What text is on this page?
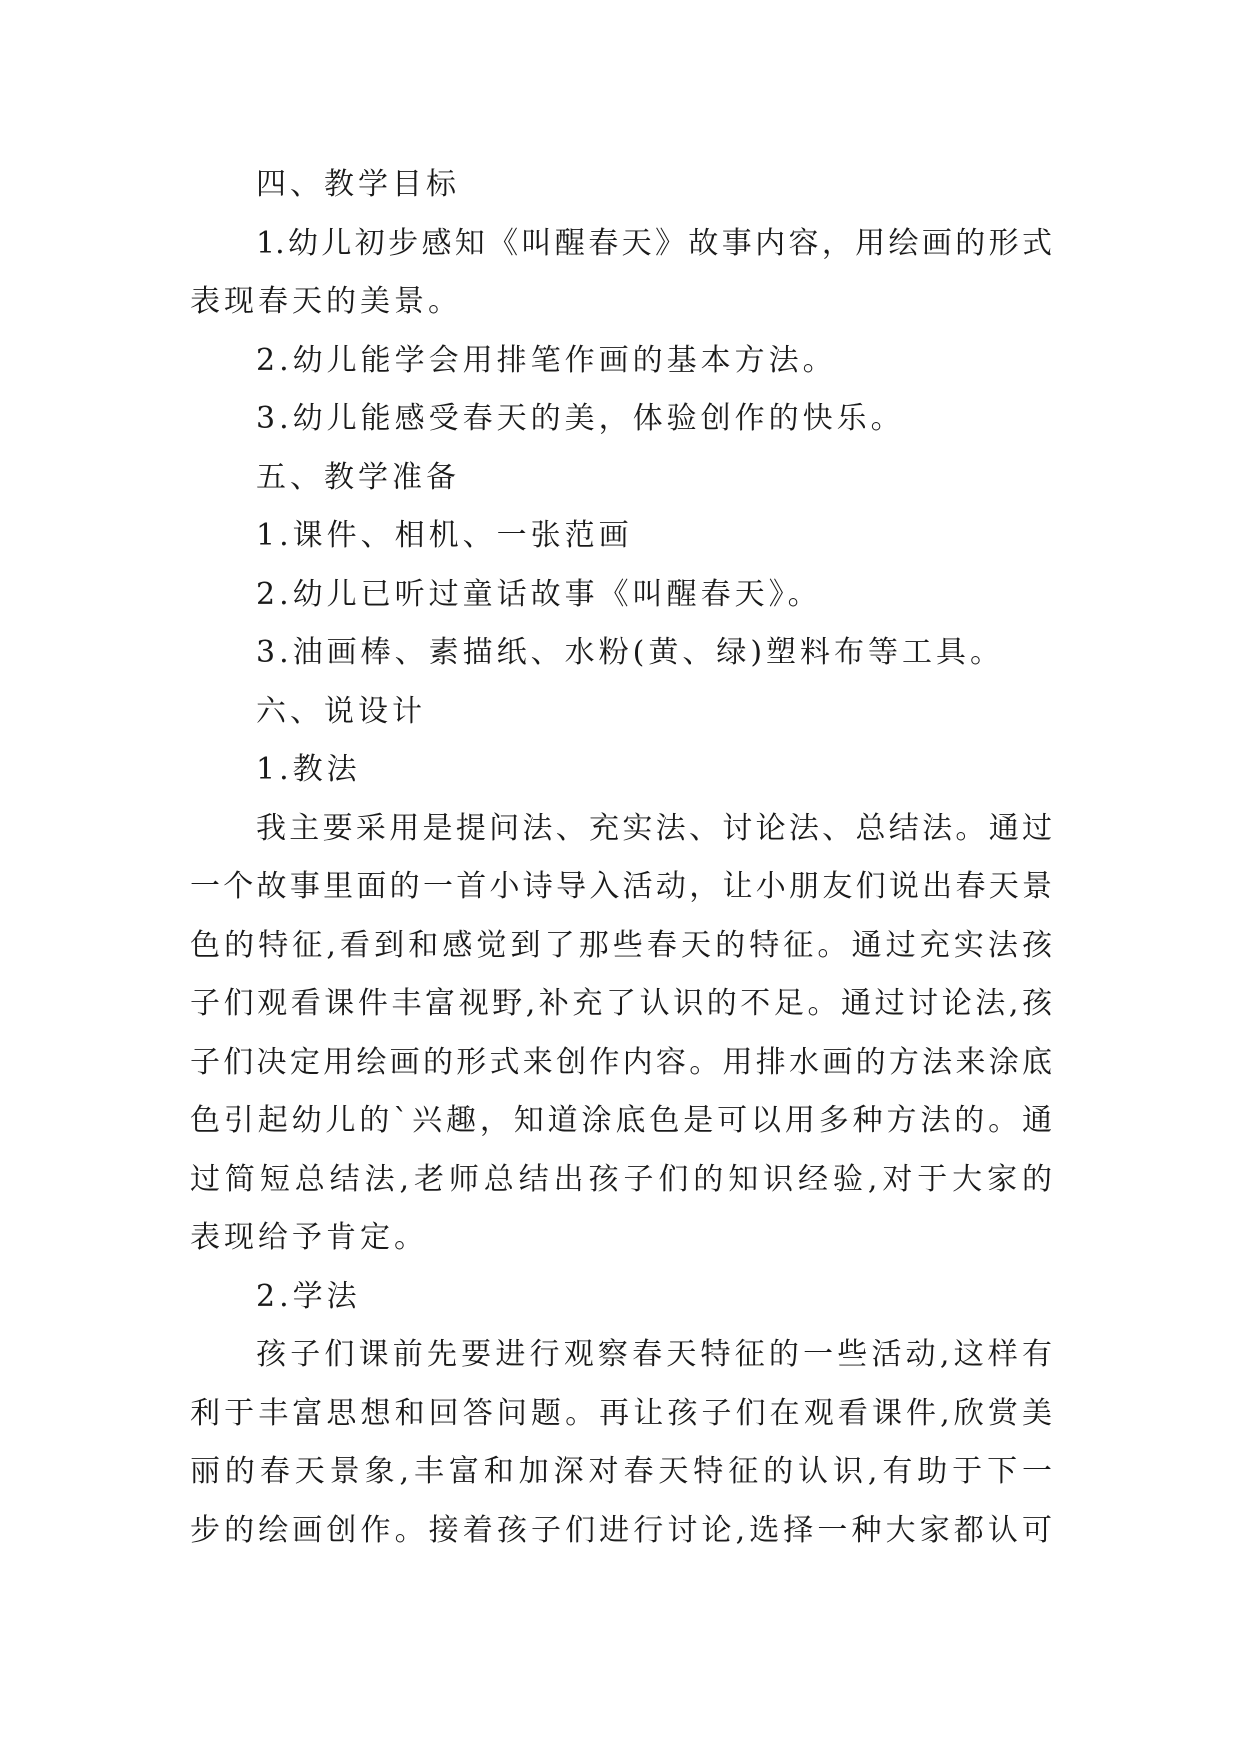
四、教学目标

1.幼儿初步感知《叫醒春天》故事内容，用绘画的形式

表现春天的美景。

2.幼儿能学会用排笔作画的基本方法。

3.幼儿能感受春天的美，体验创作的快乐。

五、教学准备

1.课件、相机、一张范画

2.幼儿已听过童话故事《叫醒春天》。

3.油画棒、素描纸、水粉(黄、绿)塑料布等工具。

六、说设计

1.教法

我主要采用是提问法、充实法、讨论法、总结法。通过

一个故事里面的一首小诗导入活动，让小朋友们说出春天景

色的特征,看到和感觉到了那些春天的特征。通过充实法孩

子们观看课件丰富视野,补充了认识的不足。通过讨论法,孩

子们决定用绘画的形式来创作内容。用排水画的方法来涂底

色引起幼儿的`兴趣，知道涂底色是可以用多种方法的。通

过简短总结法,老师总结出孩子们的知识经验,对于大家的

表现给予肯定。

2.学法

孩子们课前先要进行观察春天特征的一些活动,这样有

利于丰富思想和回答问题。再让孩子们在观看课件,欣赏美

丽的春天景象,丰富和加深对春天特征的认识,有助于下一

步的绘画创作。接着孩子们进行讨论,选择一种大家都认可
